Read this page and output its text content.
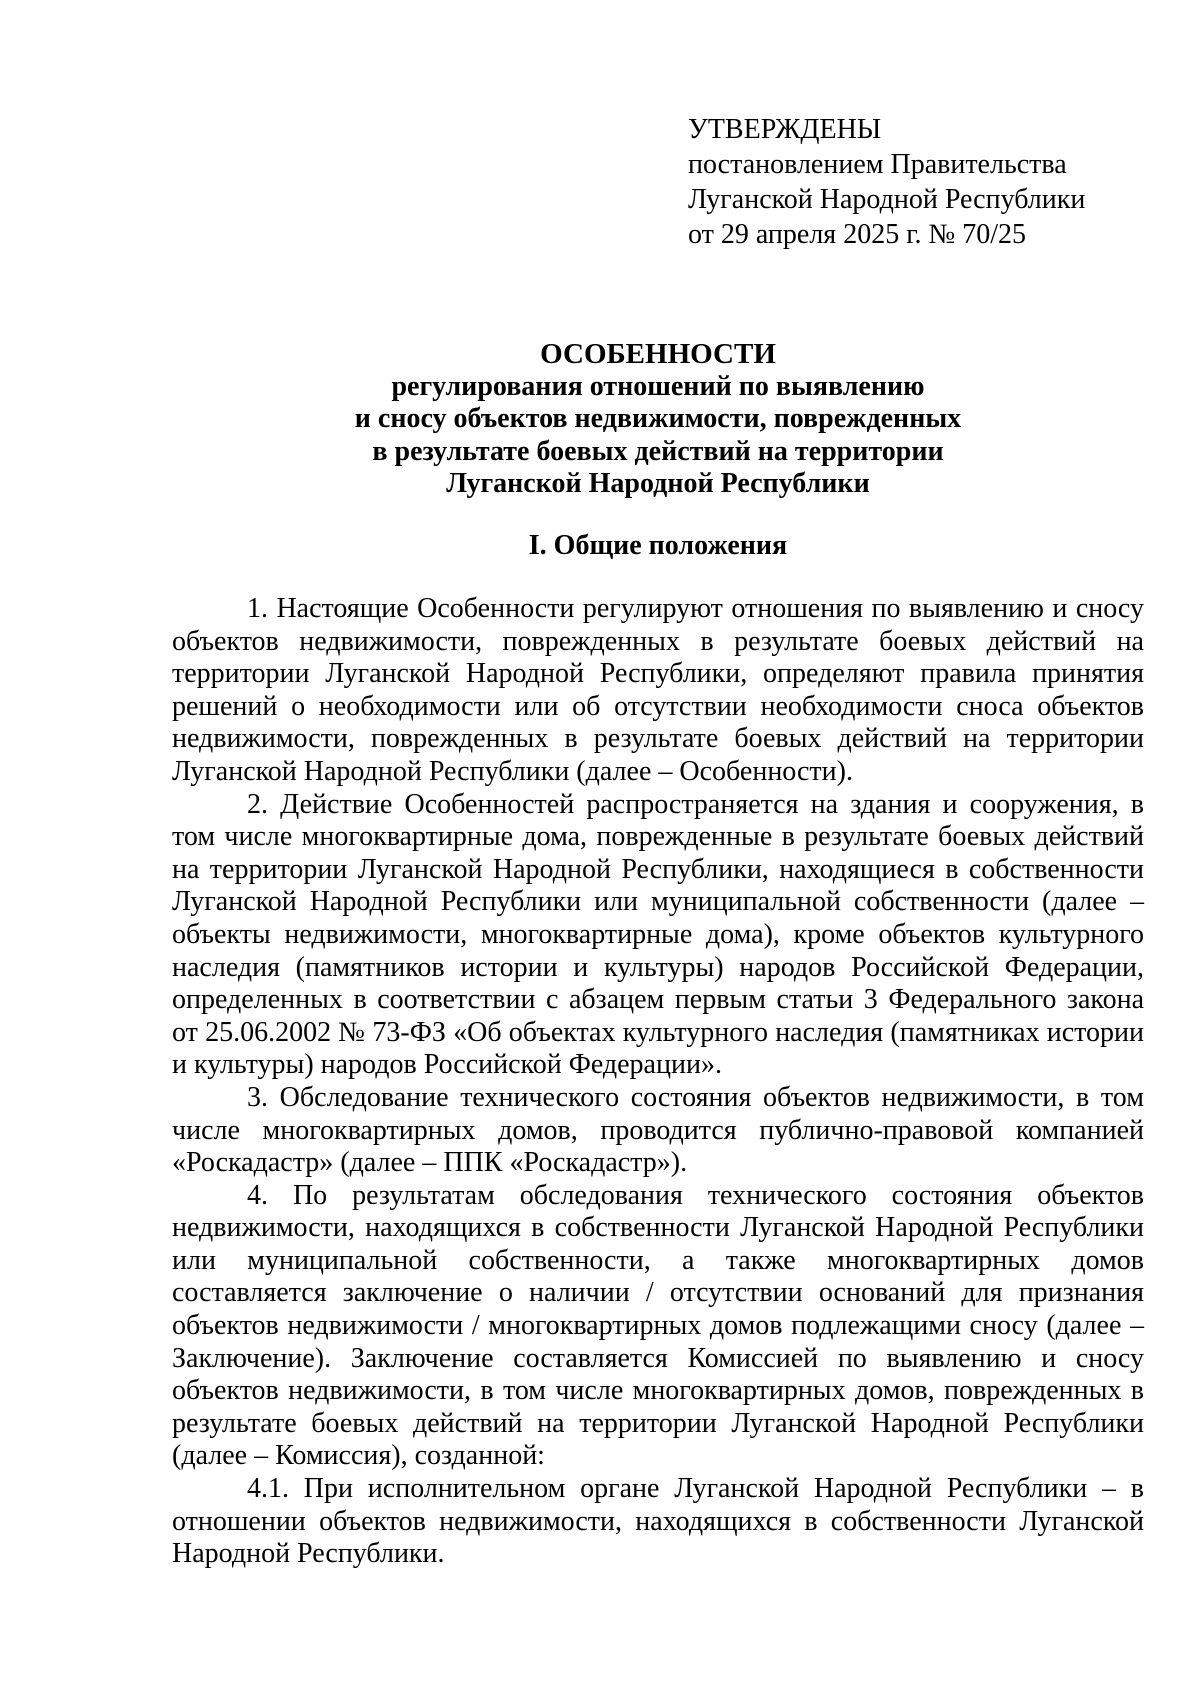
УТВЕРЖДЕНЫ
постановлением Правительства
Луганской Народной Республики
от 29 апреля 2025 г. № 70/25
ОСОБЕННОСТИ
регулирования отношений по выявлению
и сносу объектов недвижимости, поврежденных
в результате боевых действий на территории
Луганской Народной Республики
I. Общие положения

1. Настоящие Особенности регулируют отношения по выявлению и сносу объектов недвижимости, поврежденных в результате боевых действий на территории Луганской Народной Республики, определяют правила принятия решений о необходимости или об отсутствии необходимости сноса объектов недвижимости, поврежденных в результате боевых действий на территории Луганской Народной Республики (далее – Особенности).

2. Действие Особенностей распространяется на здания и сооружения, в том числе многоквартирные дома, поврежденные в результате боевых действий на территории Луганской Народной Республики, находящиеся в собственности Луганской Народной Республики или муниципальной собственности (далее – объекты недвижимости, многоквартирные дома), кроме объектов культурного наследия (памятников истории и культуры) народов Российской Федерации, определенных в соответствии с абзацем первым статьи 3 Федерального закона от 25.06.2002 № 73-ФЗ «Об объектах культурного наследия (памятниках истории и культуры) народов Российской Федерации».

3. Обследование технического состояния объектов недвижимости, в том числе многоквартирных домов, проводится публично-правовой компанией «Роскадастр» (далее – ППК «Роскадастр»).

4. По результатам обследования технического состояния объектов недвижимости, находящихся в собственности Луганской Народной Республики или муниципальной собственности, а также многоквартирных домов составляется заключение о наличии / отсутствии оснований для признания объектов недвижимости / многоквартирных домов подлежащими сносу (далее – Заключение). Заключение составляется Комиссией по выявлению и сносу объектов недвижимости, в том числе многоквартирных домов, поврежденных в результате боевых действий на территории Луганской Народной Республики (далее – Комиссия), созданной:

4.1. При исполнительном органе Луганской Народной Республики – в отношении объектов недвижимости, находящихся в собственности Луганской Народной Республики.
